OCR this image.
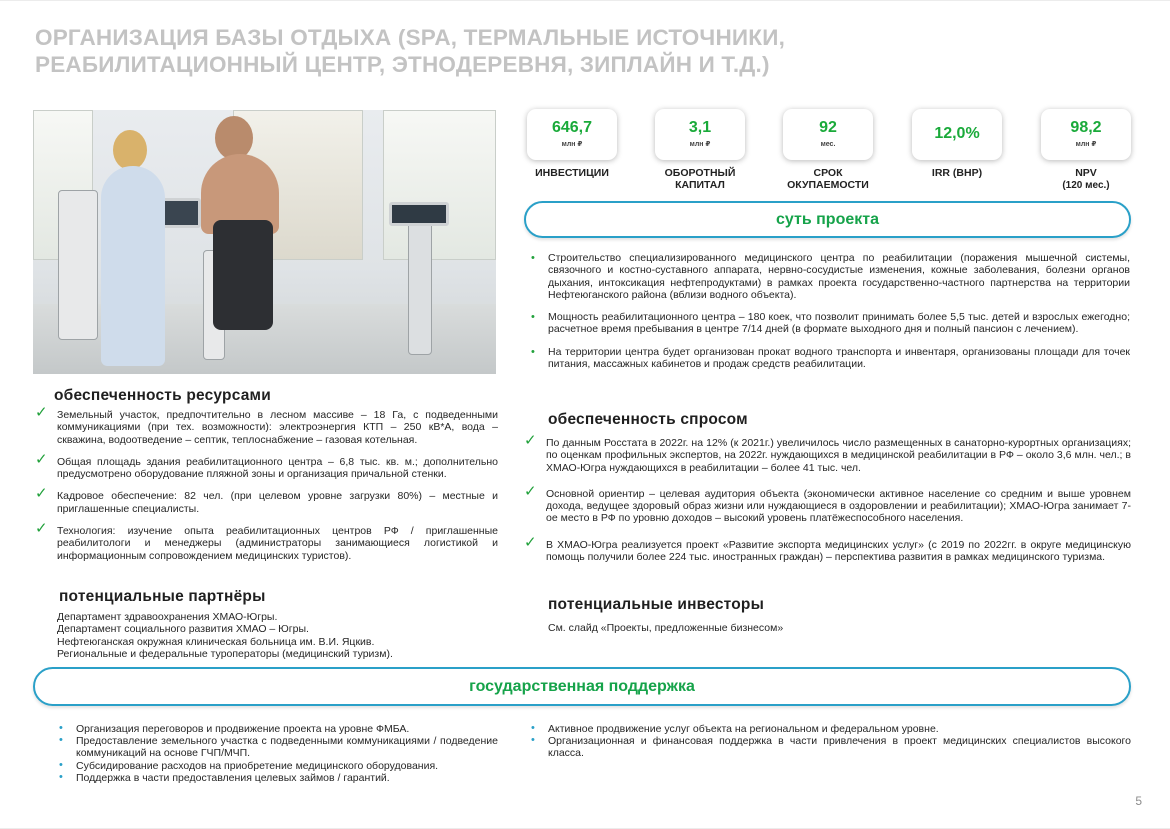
ОРГАНИЗАЦИЯ БАЗЫ ОТДЫХА (SPA, ТЕРМАЛЬНЫЕ ИСТОЧНИКИ,
РЕАБИЛИТАЦИОННЫЙ ЦЕНТР, ЭТНОДЕРЕВНЯ, ЗИПЛАЙН И Т.Д.)
646,7
млн ₽
ИНВЕСТИЦИИ
3,1
млн ₽
ОБОРОТНЫЙ КАПИТАЛ
92
мес.
СРОК ОКУПАЕМОСТИ
12,0%
IRR (ВНР)
98,2
млн ₽
NPV
(120 мес.)
суть проекта
• Строительство специализированного медицинского центра по реабилитации (поражения мышечной системы, связочного и костно-суставного аппарата, нервно-сосудистые изменения, кожные заболевания, болезни органов дыхания, интоксикация нефтепродуктами) в рамках проекта государственно-частного партнерства на территории Нефтеюганского района (вблизи водного объекта).
• Мощность реабилитационного центра – 180 коек, что позволит принимать более 5,5 тыс. детей и взрослых ежегодно; расчетное время пребывания в центре 7/14 дней (в формате выходного дня и полный пансион с лечением).
• На территории центра будет организован прокат водного транспорта и инвентаря, организованы площади для точек питания, массажных кабинетов и продаж средств реабилитации.
обеспеченность ресурсами
✓ Земельный участок, предпочтительно в лесном массиве – 18 Га, с подведенными коммуникациями (при тех. возможности): электроэнергия КТП – 250 кВ*А, вода – скважина, водоотведение – септик, теплоснабжение – газовая котельная.
✓ Общая площадь здания реабилитационного центра – 6,8 тыс. кв. м.; дополнительно предусмотрено оборудование пляжной зоны и организация причальной стенки.
✓ Кадровое обеспечение: 82 чел. (при целевом уровне загрузки 80%) – местные и приглашенные специалисты.
✓ Технология: изучение опыта реабилитационных центров РФ / приглашенные реабилитологи и менеджеры (администраторы занимающиеся логистикой и информационным сопровождением медицинских туристов).
обеспеченность спросом
✓ По данным Росстата в 2022г. на 12% (к 2021г.) увеличилось число размещенных в санаторно-курортных организациях; по оценкам профильных экспертов, на 2022г. нуждающихся в медицинской реабилитации в РФ – около 3,6 млн. чел.; в ХМАО-Югра нуждающихся в реабилитации – более 41 тыс. чел.
✓ Основной ориентир – целевая аудитория объекта (экономически активное население со средним и выше уровнем дохода, ведущее здоровый образ жизни или нуждающиеся в оздоровлении и реабилитации); ХМАО-Югра занимает 7-ое место в РФ по уровню доходов – высокий уровень платёжеспособного населения.
✓ В ХМАО-Югра реализуется проект «Развитие экспорта медицинских услуг» (с 2019 по 2022гг. в округе медицинскую помощь получили более 224 тыс. иностранных граждан) – перспектива развития в рамках медицинского туризма.
потенциальные партнёры
Департамент здравоохранения ХМАО-Югры.
Департамент социального развития ХМАО – Югры.
Нефтеюганская окружная клиническая больница им. В.И. Яцкив.
Региональные и федеральные туроператоры (медицинский туризм).
потенциальные инвесторы
См. слайд «Проекты, предложенные бизнесом»
государственная поддержка
• Организация переговоров и продвижение проекта на уровне ФМБА.
• Предоставление земельного участка с подведенными коммуникациями / подведение коммуникаций на основе ГЧП/МЧП.
• Субсидирование расходов на приобретение медицинского оборудования.
• Поддержка в части предоставления целевых займов / гарантий.
• Активное продвижение услуг объекта на региональном и федеральном уровне.
• Организационная и финансовая поддержка в части привлечения в проект медицинских специалистов высокого класса.
5
